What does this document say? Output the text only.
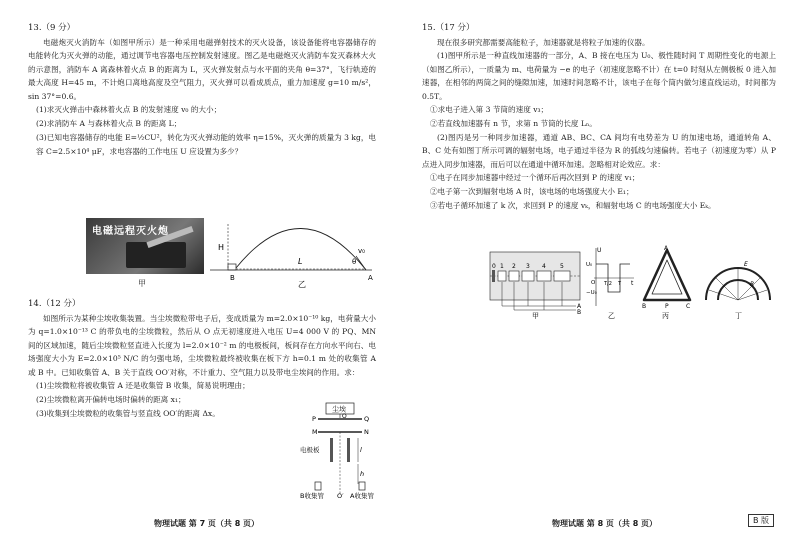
13.（9 分）

电磁炮灭火消防车（如图甲所示）是一种采用电磁弹射技术的灭火设备，该设备能将电容器储存的电能转化为灭火弹的动能，通过调节电容器电压控制发射速度。图乙是电磁炮灭火消防车发灭森林大火的示意图，消防车 A 离森林着火点 B 的距离为 L，灭火弹发射点与水平面的夹角 θ=37°，飞行轨迹的最大高度 H=45 m，不计炮口离地高度及空气阻力，灭火弹可以看成质点，重力加速度 g=10 m/s²，sin 37°=0.6。

(1)求灭火弹击中森林着火点 B 的发射速度 v₀ 的大小；

(2)求消防车 A 与森林着火点 B 的距离 L；

(3)已知电容器储存的电能 E=½CU²，转化为灭火弹动能的效率 η=15%，灭火弹的质量为 3 kg，电容 C=2.5×10⁴ μF，求电容器的工作电压 U 应设置为多少？

电磁远程灭火炮
甲
H
L	θ
v₀
A
B
乙
14.（12 分）

如图所示为某种尘埃收集装置。当尘埃微粒带电子后，变成质量为 m=2.0×10⁻¹⁰ kg，电荷量大小为 q=1.0×10⁻¹³ C 的带负电的尘埃微粒，然后从 O 点无初速度进入电压 U=4 000 V 的 PQ、MN 间的区域加速，随后尘埃微粒竖直进入长度为 l=2.0×10⁻² m 的电极板间，板间存在方向水平向右、电场强度大小为 E=2.0×10⁵ N/C 的匀强电场，尘埃微粒最终被收集在板下方 h=0.1 m 处的收集管 A 或 B 中。已知收集管 A、B 关于直线 OO′对称，不计重力、空气阻力以及带电尘埃间的作用。求：

(1)尘埃微粒将被收集管 A 还是收集管 B 收集，简易说明理由；

(2)尘埃微粒离开偏转电场时偏转的距离 x₁；

(3)收集到尘埃微粒的收集管与竖直线 OO′的距离 Δx。	尘埃
P	Q
O
M	N
电极板	l
h
B收集管 O′ A收集管
物理试题 第 7 页（共 8 页）
15.（17 分）

现在很多研究都需要高能粒子，加速器就是将粒子加速的仪器。

(1)图甲所示是一种直线加速器的一部分，A、B 接在电压为 U₀、极性随时间 T 周期性变化的电源上（如图乙所示），一质量为 m、电荷量为 −e 的电子（初速度忽略不计）在 t=0 时刻从左侧极板 0 进入加速器，在相邻的两筒之间的缝隙加速，加速时间忽略不计，该电子在每个筒内做匀速直线运动，时间都为 0.5T。

①求电子进入第 3 节筒的速度 v₃；

②若直线加速器有 n 节，求第 n 节筒的长度 Lₙ。

(2)图丙是另一种同步加速器，通道 AB、BC、CA 间均有电势差为 U 的加速电场，通道转角 A、B、C 处有如图丁所示可调的辐射电场，电子通过半径为 R 的弧线匀速偏转。若电子（初速度为零）从 P 点进入同步加速器，而后可以在通道中循环加速。忽略相对论效应。求：

①电子在同步加速器中经过一个循环后再次回到 P 的速度 v₁；

②电子第一次到辐射电场 A 时，该电场的电场强度大小 E₁；

③若电子循环加速了 k 次，求回到 P 的速度 vₖ，和辐射电场 C 的电场强度大小 Eₖ。

0 1 2 3 4 5
A
B
甲
U
U₀
−U₀
t
O T/2 T
乙
A
B	C
P
丙
E
R
丁
物理试题 第 8 页（共 8 页）	B 版
